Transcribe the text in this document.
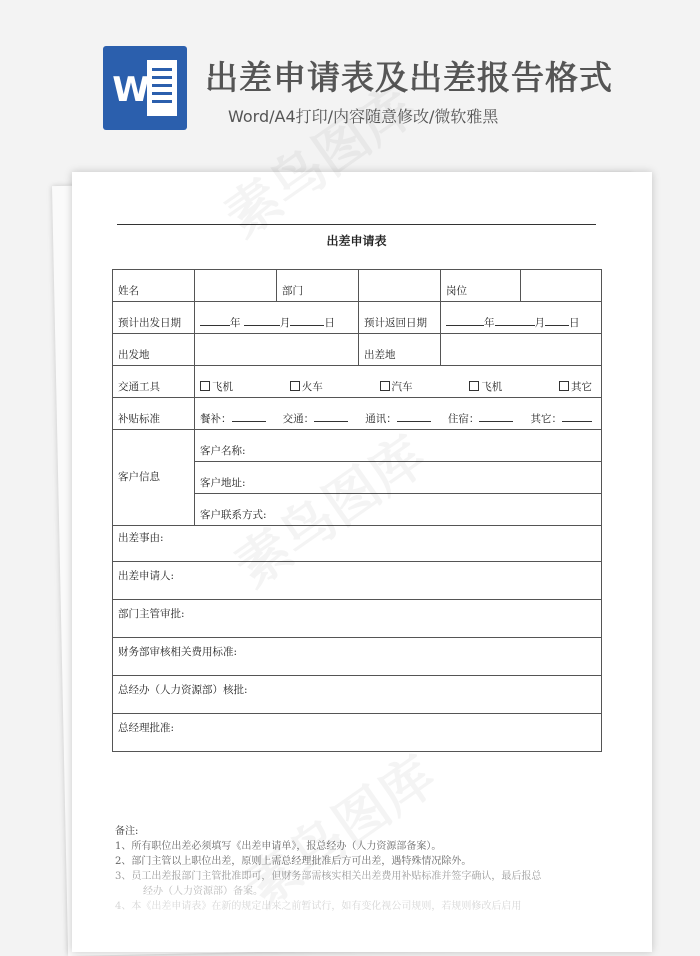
W 出差申请表及出差报告格式
Word/A4打印/内容随意修改/微软雅黑
出差申请表
姓名		部门		岗位	
预计出发日期	年 月 日		预计返回日期	年 月 日	
出发地			出差地		
交通工具	飞机 火车 汽车 飞机 其它				

补贴标准	餐补： 交通： 通讯： 住宿： 其它：				

客户信息	客户名称:				
	客户地址:				
	客户联系方式:				
出差事由:					
出差申请人:					
部门主管审批:					
财务部审核相关费用标准:					
总经办（人力资源部）核批:					
总经理批准:					
备注:
1、所有职位出差必须填写《出差申请单》，报总经办（人力资源部备案）。
2、部门主管以上职位出差，原则上需总经理批准后方可出差，遇特殊情况除外。
3、员工出差报部门主管批准即可，但财务部需核实相关出差费用补贴标准并签字确认，最后报总
经办（人力资源部）备案。
4、本《出差申请表》在新的规定出来之前暂试行，如有变化视公司规则，若规则修改后启用
